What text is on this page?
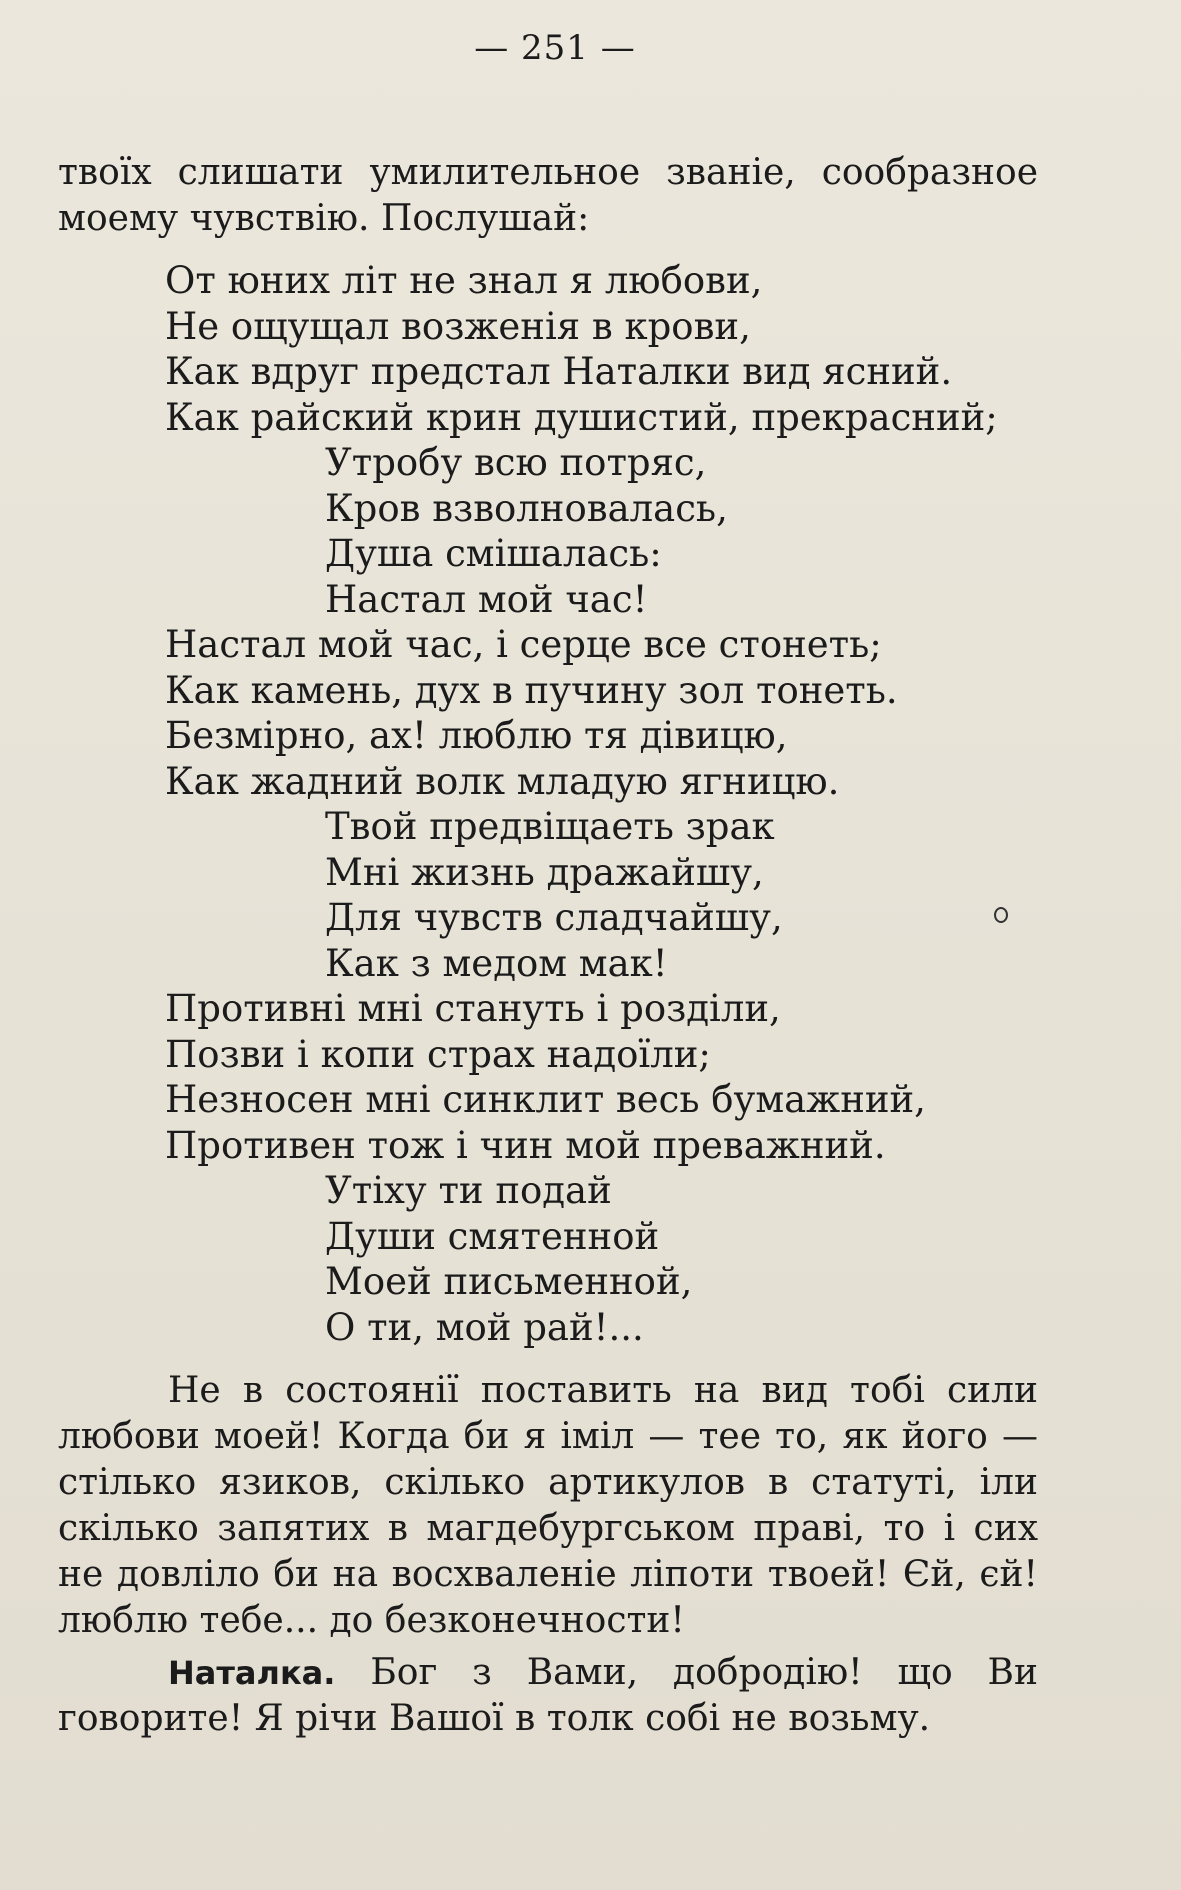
— 251 —
твоїх слишати умилительное званіе, сообразное моему чувствію. Послушай:
От юних літ не знал я любови,
Не ощущал возженія в крови,
Как вдруг предстал Наталки вид ясний.
Как райский крин душистий, прекрасний;
Утробу всю потряс,
Кров взволновалась,
Душа смішалась:
Настал мой час!
Настал мой час, і серце все стонеть;
Как камень, дух в пучину зол тонеть.
Безмірно, ах! люблю тя дівицю,
Как жадний волк младую ягницю.
Твой предвіщаеть зрак
Мні жизнь дражайшу,
Для чувств сладчайшу,
Как з медом мак!
Противні мні стануть і розділи,
Позви і копи страх надоїли;
Незносен мні синклит весь бумажний,
Противен тож і чин мой преважний.
Утіху ти подай
Души смятенной
Моей письменной,
О ти, мой рай!...
Не в состоянії поставить на вид тобі сили любови моей! Когда би я іміл — тее то, як його — стілько язиков, скілько артикулов в статуті, іли скілько запятих в магдебургськом праві, то і сих не довліло би на восхваленіе ліпоти твоей! Єй, єй! люблю тебе... до безконечности!
Наталка. Бог з Вами, добродію! що Ви говорите! Я річи Вашої в толк собі не возьму.
